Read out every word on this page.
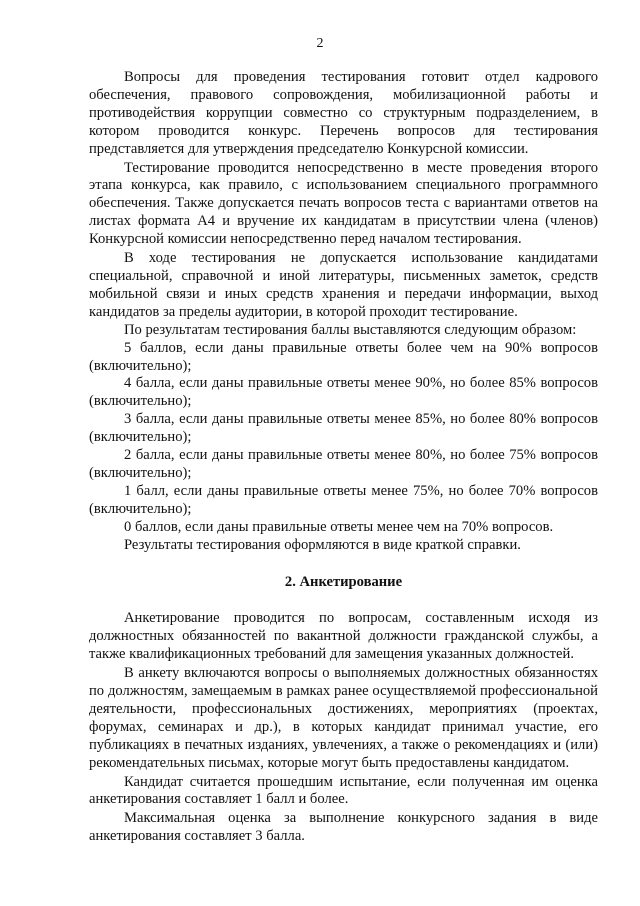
2

Вопросы для проведения тестирования готовит отдел кадрового обеспечения, правового сопровождения, мобилизационной работы и противодействия коррупции совместно со структурным подразделением, в котором проводится конкурс. Перечень вопросов для тестирования представляется для утверждения председателю Конкурсной комиссии.

Тестирование проводится непосредственно в месте проведения второго этапа конкурса, как правило, с использованием специального программного обеспечения. Также допускается печать вопросов теста с вариантами ответов на листах формата А4 и вручение их кандидатам в присутствии члена (членов) Конкурсной комиссии непосредственно перед началом тестирования.

В ходе тестирования не допускается использование кандидатами специальной, справочной и иной литературы, письменных заметок, средств мобильной связи и иных средств хранения и передачи информации, выход кандидатов за пределы аудитории, в которой проходит тестирование.

По результатам тестирования баллы выставляются следующим образом:

5 баллов, если даны правильные ответы более чем на 90% вопросов (включительно);

4 балла, если даны правильные ответы менее 90%, но более 85% вопросов (включительно);

3 балла, если даны правильные ответы менее 85%, но более 80% вопросов (включительно);

2 балла, если даны правильные ответы менее 80%, но более 75% вопросов (включительно);

1 балл, если даны правильные ответы менее 75%, но более 70% вопросов (включительно);

0 баллов, если даны правильные ответы менее чем на 70% вопросов.

Результаты тестирования оформляются в виде краткой справки.

2. Анкетирование

Анкетирование проводится по вопросам, составленным исходя из должностных обязанностей по вакантной должности гражданской службы, а также квалификационных требований для замещения указанных должностей.

В анкету включаются вопросы о выполняемых должностных обязанностях по должностям, замещаемым в рамках ранее осуществляемой профессиональной деятельности, профессиональных достижениях, мероприятиях (проектах, форумах, семинарах и др.), в которых кандидат принимал участие, его публикациях в печатных изданиях, увлечениях, а также о рекомендациях и (или) рекомендательных письмах, которые могут быть предоставлены кандидатом.

Кандидат считается прошедшим испытание, если полученная им оценка анкетирования составляет 1 балл и более.

Максимальная оценка за выполнение конкурсного задания в виде анкетирования составляет 3 балла.
